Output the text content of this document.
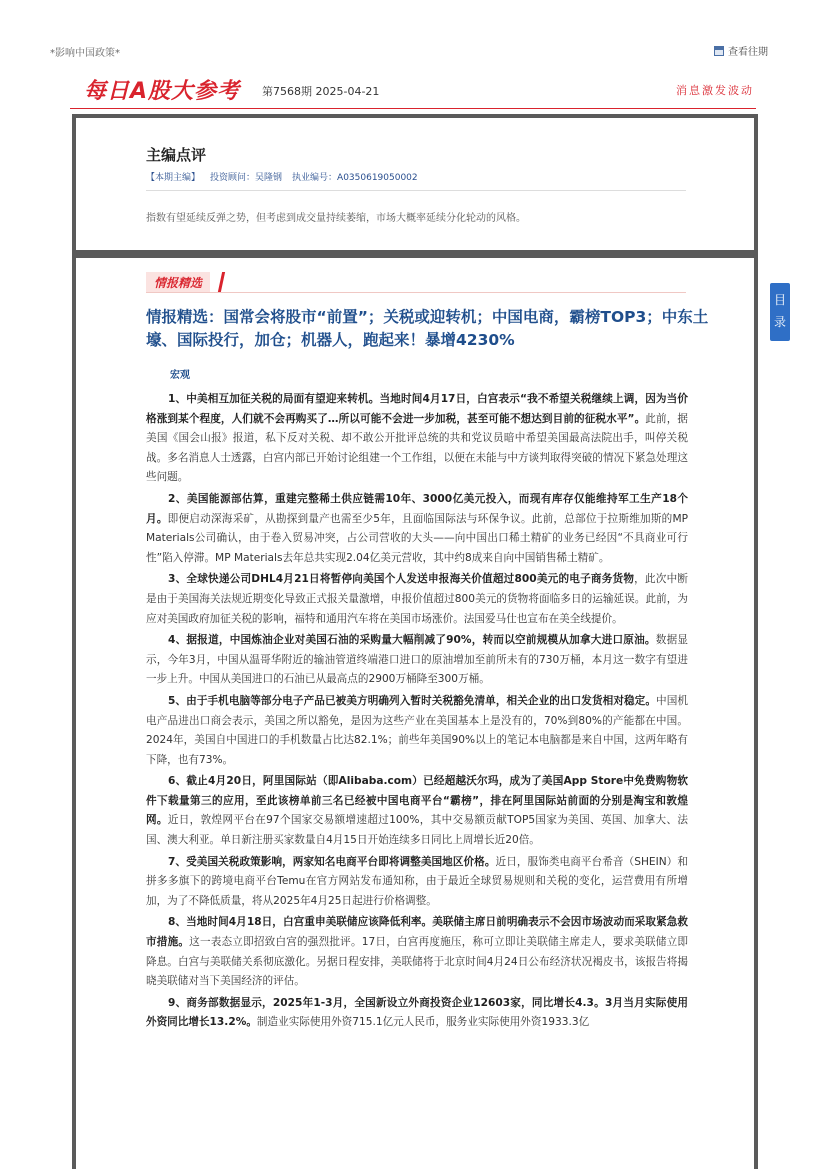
*影响中国政策*	查看往期
每日A股大参考 第7568期 2025-04-21	消息激发波动
主编点评
【本期主编】 投资顾问：吴隆钢 执业编号：A0350619050002
指数有望延续反弹之势，但考虑到成交量持续萎缩，市场大概率延续分化轮动的风格。
情报精选
情报精选：国常会将股市“前置”；关税或迎转机；中国电商，霸榜TOP3；中东土壕、国际投行，加仓；机器人，跑起来！暴增4230%
宏观

1、中美相互加征关税的局面有望迎来转机。当地时间4月17日，白宫表示“我不希望关税继续上调，因为当价格涨到某个程度，人们就不会再购买了…所以可能不会进一步加税，甚至可能不想达到目前的征税水平”。此前，据美国《国会山报》报道，私下反对关税、却不敢公开批评总统的共和党议员暗中希望美国最高法院出手，叫停关税战。多名消息人士透露，白宫内部已开始讨论组建一个工作组，以便在未能与中方谈判取得突破的情况下紧急处理这些问题。

2、美国能源部估算，重建完整稀土供应链需10年、3000亿美元投入，而现有库存仅能维持军工生产18个月。即便启动深海采矿，从勘探到量产也需至少5年，且面临国际法与环保争议。此前，总部位于拉斯维加斯的MP Materials公司确认，由于卷入贸易冲突，占公司营收的大头——向中国出口稀土精矿的业务已经因“不具商业可行性”陷入停滞。MP Materials去年总共实现2.04亿美元营收，其中约8成来自向中国销售稀土精矿。

3、全球快递公司DHL4月21日将暂停向美国个人发送申报海关价值超过800美元的电子商务货物，此次中断是由于美国海关法规近期变化导致正式报关量激增，申报价值超过800美元的货物将面临多日的运输延误。此前，为应对美国政府加征关税的影响，福特和通用汽车将在美国市场涨价。法国爱马仕也宣布在美全线提价。

4、据报道，中国炼油企业对美国石油的采购量大幅削减了90%，转而以空前规模从加拿大进口原油。数据显示，今年3月，中国从温哥华附近的输油管道终端港口进口的原油增加至前所未有的730万桶，本月这一数字有望进一步上升。中国从美国进口的石油已从最高点的2900万桶降至300万桶。

5、由于手机电脑等部分电子产品已被美方明确列入暂时关税豁免清单，相关企业的出口发货相对稳定。中国机电产品进出口商会表示，美国之所以豁免，是因为这些产业在美国基本上是没有的，70%到80%的产能都在中国。2024年，美国自中国进口的手机数量占比达82.1%；前些年美国90%以上的笔记本电脑都是来自中国，这两年略有下降，也有73%。

6、截止4月20日，阿里国际站（即Alibaba.com）已经超越沃尔玛，成为了美国App Store中免费购物软件下载量第三的应用，至此该榜单前三名已经被中国电商平台“霸榜”，排在阿里国际站前面的分别是淘宝和敦煌网。近日，敦煌网平台在97个国家交易额增速超过100%，其中交易额贡献TOP5国家为美国、英国、加拿大、法国、澳大利亚。单日新注册买家数量自4月15日开始连续多日同比上周增长近20倍。

7、受美国关税政策影响，两家知名电商平台即将调整美国地区价格。近日，服饰类电商平台希音（SHEIN）和拼多多旗下的跨境电商平台Temu在官方网站发布通知称，由于最近全球贸易规则和关税的变化，运营费用有所增加，为了不降低质量，将从2025年4月25日起进行价格调整。

8、当地时间4月18日，白宫重申美联储应该降低利率。美联储主席日前明确表示不会因市场波动而采取紧急救市措施。这一表态立即招致白宫的强烈批评。17日，白宫再度施压，称可立即让美联储主席走人，要求美联储立即降息。白宫与美联储关系彻底激化。另据日程安排，美联储将于北京时间4月24日公布经济状况褐皮书，该报告将揭晓美联储对当下美国经济的评估。

9、商务部数据显示，2025年1-3月，全国新设立外商投资企业12603家，同比增长4.3。3月当月实际使用外资同比增长13.2%。制造业实际使用外资715.1亿元人民币，服务业实际使用外资1933.3亿

目录
